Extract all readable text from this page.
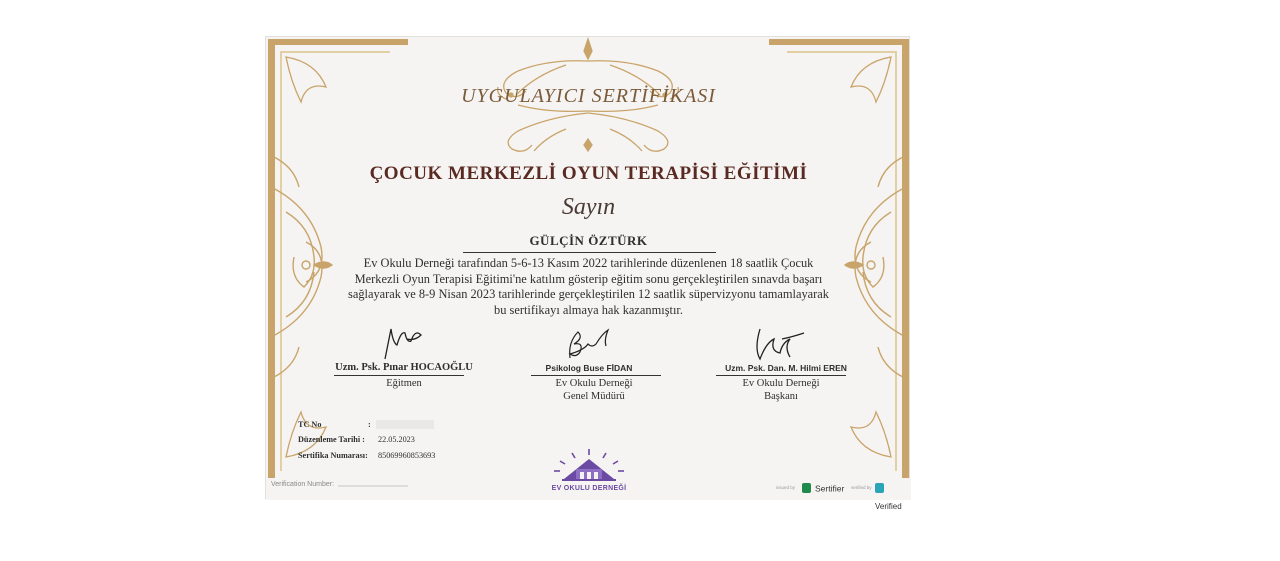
UYGULAYICI SERTİFİKASI
ÇOCUK MERKEZLİ OYUN TERAPİSİ EĞİTİMİ
Sayın
GÜLÇİN ÖZTÜRK
Ev Okulu Derneği tarafından 5-6-13 Kasım 2022 tarihlerinde düzenlenen 18 saatlik Çocuk
Merkezli Oyun Terapisi Eğitimi'ne katılım gösterip eğitim sonu gerçekleştirilen sınavda başarı
sağlayarak ve 8-9 Nisan 2023 tarihlerinde gerçekleştirilen 12 saatlik süpervizyonu tamamlayarak
bu sertifikayı almaya hak kazanmıştır.
Uzm. Psk. Pınar HOCAOĞLU
Eğitmen
Psikolog Buse FİDAN
Ev Okulu Derneği
Genel Müdürü
Uzm. Psk. Dan. M. Hilmi EREN
Ev Okulu Derneği
Başkanı
TC No	:
Düzenleme Tarihi : 22.05.2023
Sertifika Numarası: 85069960853693
Verification Number:
EV OKULU DERNEĞİ	issued by	Sertifier verified by
Verified
